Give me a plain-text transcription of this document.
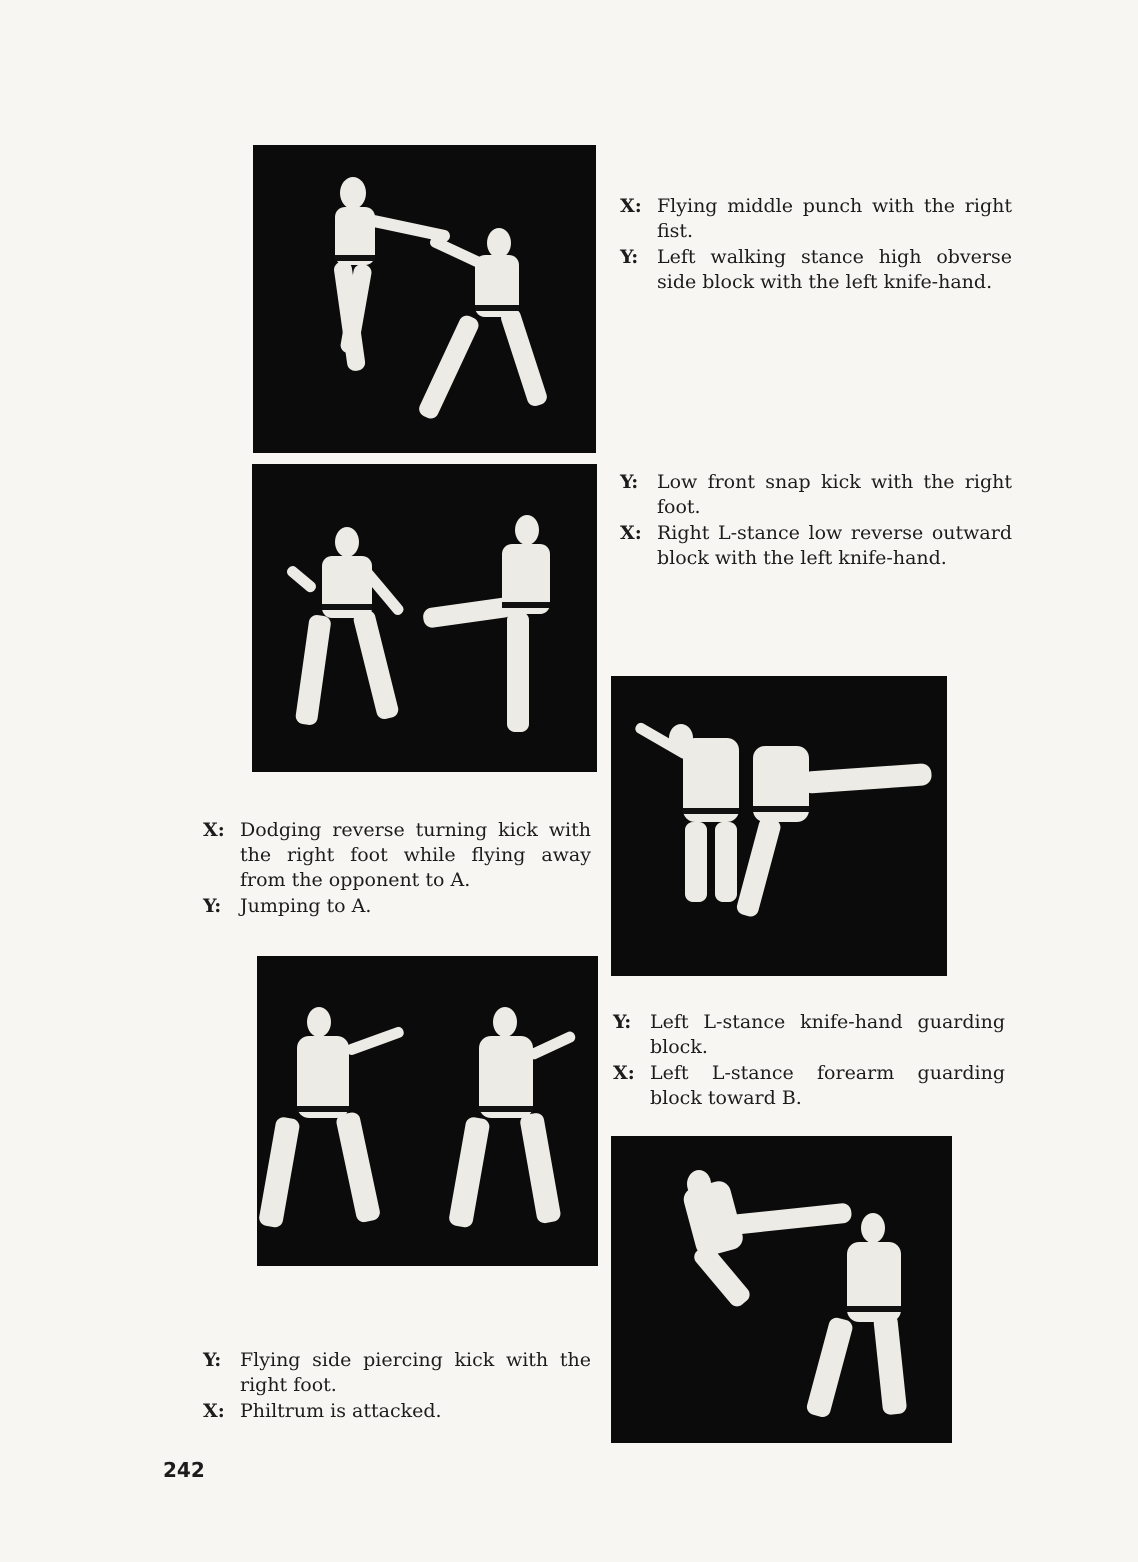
X: Flying middle punch with the right fist.
Y: Left walking stance high obverse side block with the left knife-hand.
Y: Low front snap kick with the right foot.
X: Right L-stance low reverse outward block with the left knife-hand.
X: Dodging reverse turning kick with the right foot while flying away from the opponent to A.
Y: Jumping to A.
Y: Left L-stance knife-hand guarding block.
X: Left L-stance forearm guarding block toward B.
Y: Flying side piercing kick with the right foot.
X: Philtrum is attacked.
242
